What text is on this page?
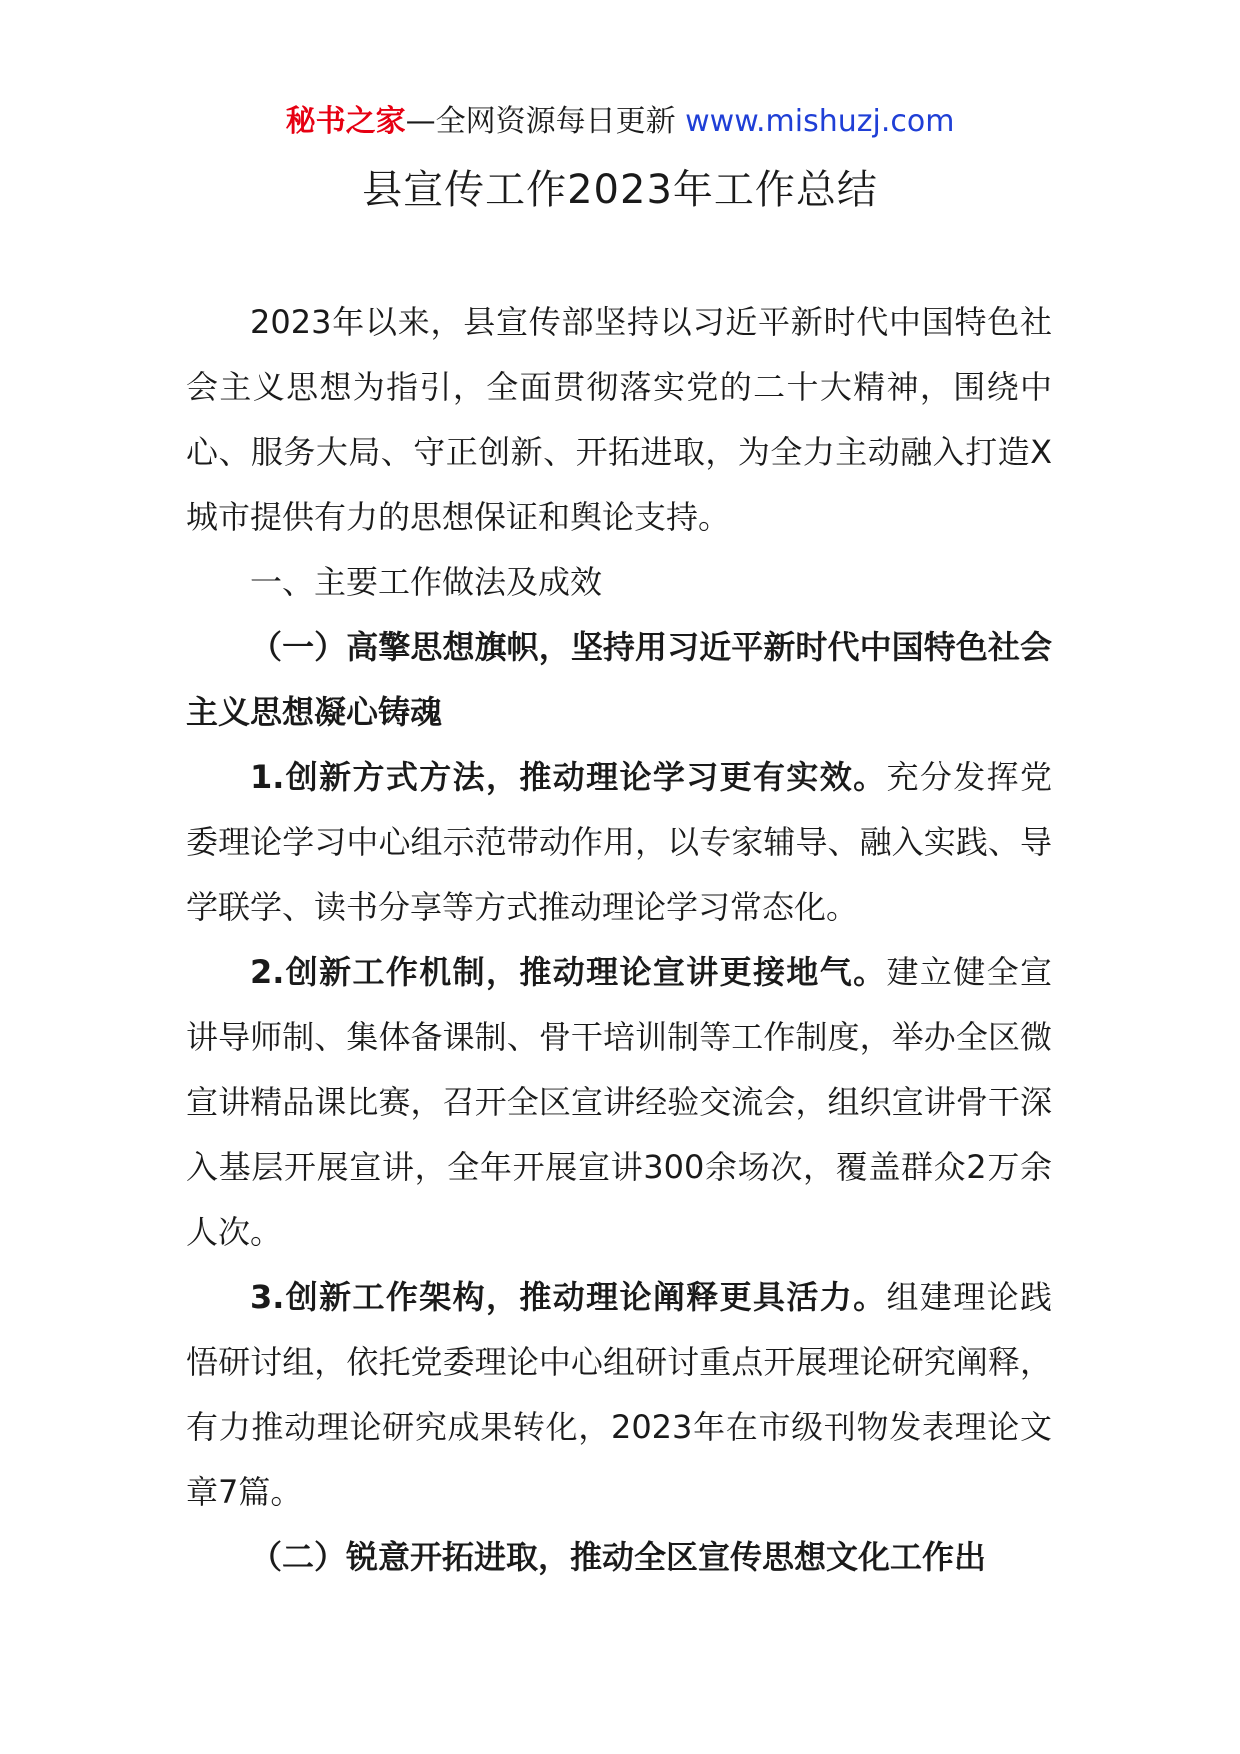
秘书之家—全网资源每日更新 www.mishuzj.com
县宣传工作2023年工作总结

2023年以来，县宣传部坚持以习近平新时代中国特色社会主义思想为指引，全面贯彻落实党的二十大精神，围绕中心、服务大局、守正创新、开拓进取，为全力主动融入打造X城市提供有力的思想保证和舆论支持。

一、主要工作做法及成效

（一）高擎思想旗帜，坚持用习近平新时代中国特色社会主义思想凝心铸魂

1.创新方式方法，推动理论学习更有实效。充分发挥党委理论学习中心组示范带动作用，以专家辅导、融入实践、导学联学、读书分享等方式推动理论学习常态化。

2.创新工作机制，推动理论宣讲更接地气。建立健全宣讲导师制、集体备课制、骨干培训制等工作制度，举办全区微宣讲精品课比赛，召开全区宣讲经验交流会，组织宣讲骨干深入基层开展宣讲，全年开展宣讲300余场次，覆盖群众2万余人次。

3.创新工作架构，推动理论阐释更具活力。组建理论践悟研讨组，依托党委理论中心组研讨重点开展理论研究阐释，有力推动理论研究成果转化，2023年在市级刊物发表理论文章7篇。

（二）锐意开拓进取，推动全区宣传思想文化工作出
